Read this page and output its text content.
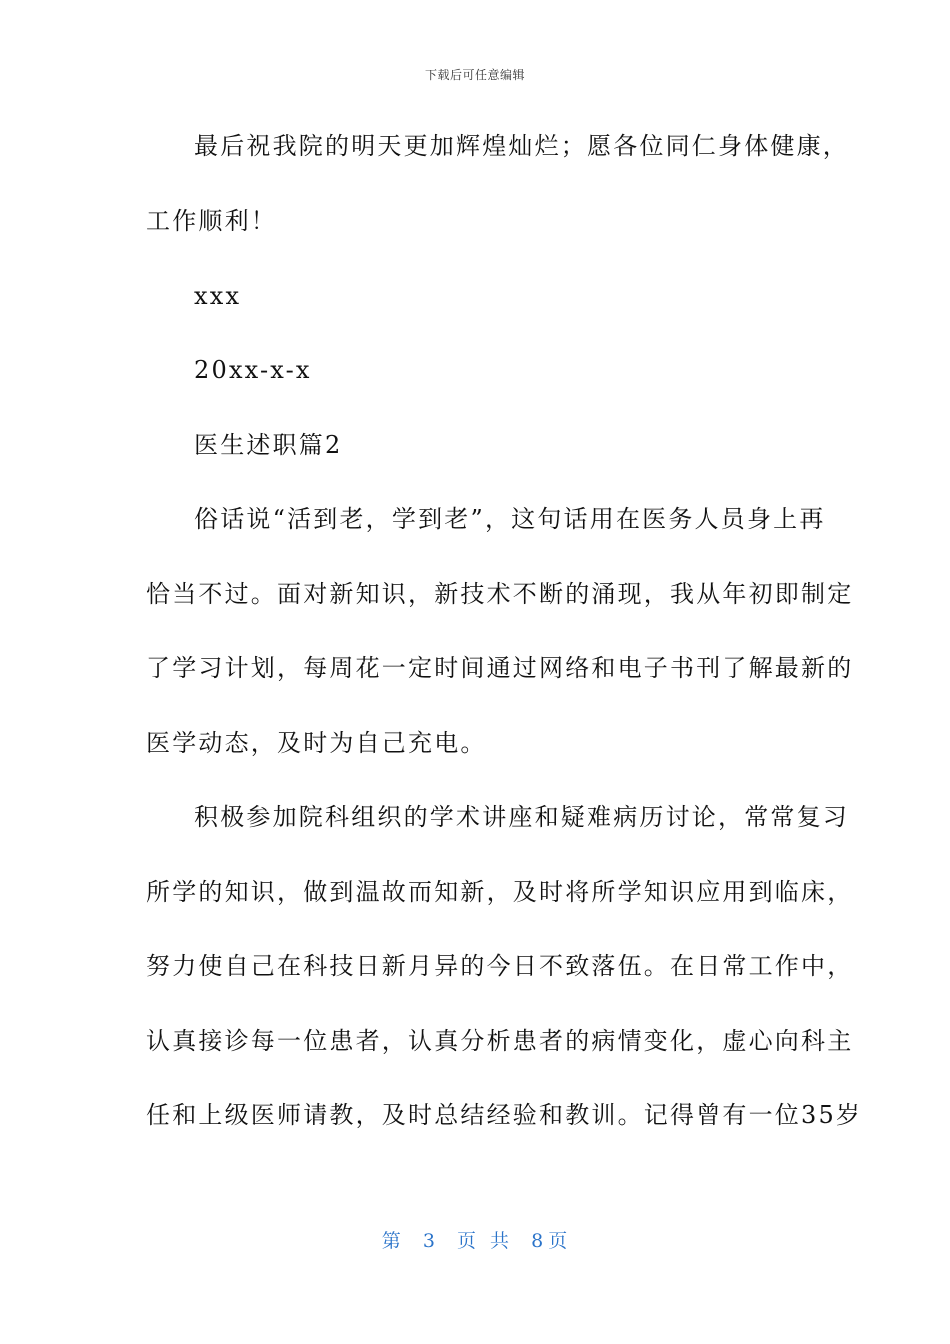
下载后可任意编辑
最后祝我院的明天更加辉煌灿烂；愿各位同仁身体健康，
工作顺利！
xxx
20xx-x-x
医生述职篇2
俗话说“活到老，学到老”，这句话用在医务人员身上再
恰当不过。面对新知识，新技术不断的涌现，我从年初即制定
了学习计划，每周花一定时间通过网络和电子书刊了解最新的
医学动态，及时为自己充电。
积极参加院科组织的学术讲座和疑难病历讨论，常常复习
所学的知识，做到温故而知新，及时将所学知识应用到临床，
努力使自己在科技日新月异的今日不致落伍。在日常工作中，
认真接诊每一位患者，认真分析患者的病情变化，虚心向科主
任和上级医师请教，及时总结经验和教训。记得曾有一位35岁
第 3 页 共 8 页
